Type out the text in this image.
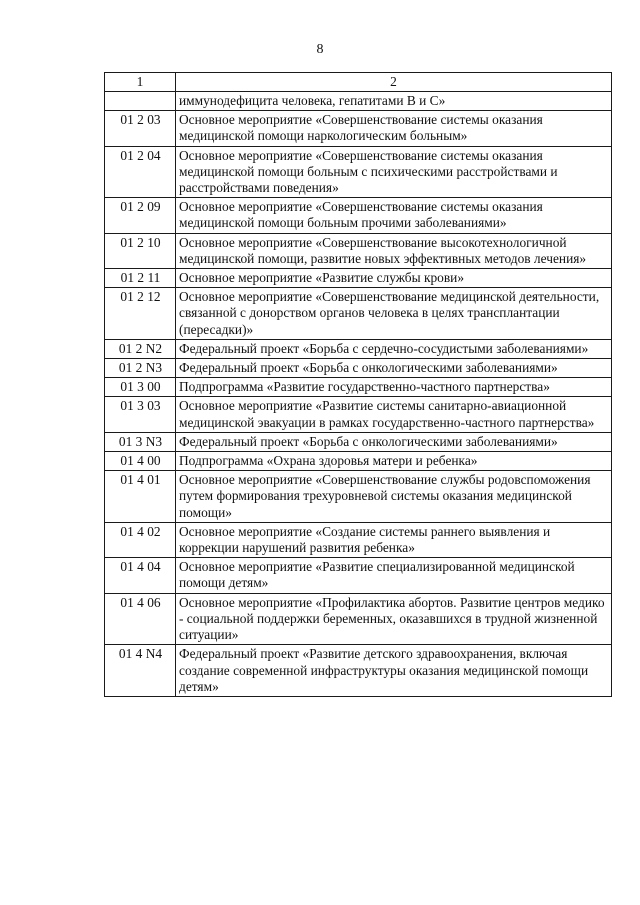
8
1	2
	иммунодефицита человека, гепатитами В и С»
01 2 03	Основное мероприятие «Совершенствование системы оказания медицинской помощи наркологическим больным»
01 2 04	Основное мероприятие «Совершенствование системы оказания медицинской помощи больным с психическими расстройствами и расстройствами поведения»
01 2 09	Основное мероприятие «Совершенствование системы оказания медицинской помощи больным прочими заболеваниями»
01 2 10	Основное мероприятие «Совершенствование высокотехнологичной медицинской помощи, развитие новых эффективных методов лечения»
01 2 11	Основное мероприятие «Развитие службы крови»
01 2 12	Основное мероприятие «Совершенствование медицинской деятельности, связанной с донорством органов человека в целях трансплантации (пересадки)»
01 2 N2	Федеральный проект «Борьба с сердечно-сосудистыми заболеваниями»
01 2 N3	Федеральный проект «Борьба с онкологическими заболеваниями»
01 3 00	Подпрограмма «Развитие государственно-частного партнерства»
01 3 03	Основное мероприятие «Развитие системы санитарно-авиационной медицинской эвакуации в рамках государственно-частного партнерства»
01 3 N3	Федеральный проект «Борьба с онкологическими заболеваниями»
01 4 00	Подпрограмма «Охрана здоровья матери и ребенка»
01 4 01	Основное мероприятие «Совершенствование службы родовспоможения путем формирования трехуровневой системы оказания медицинской помощи»
01 4 02	Основное мероприятие «Создание системы раннего выявления и коррекции нарушений развития ребенка»
01 4 04	Основное мероприятие «Развитие специализированной медицинской помощи детям»
01 4 06	Основное мероприятие «Профилактика абортов. Развитие центров медико - социальной поддержки беременных, оказавшихся в трудной жизненной ситуации»
01 4 N4	Федеральный проект «Развитие детского здравоохранения, включая создание современной инфраструктуры оказания медицинской помощи детям»
